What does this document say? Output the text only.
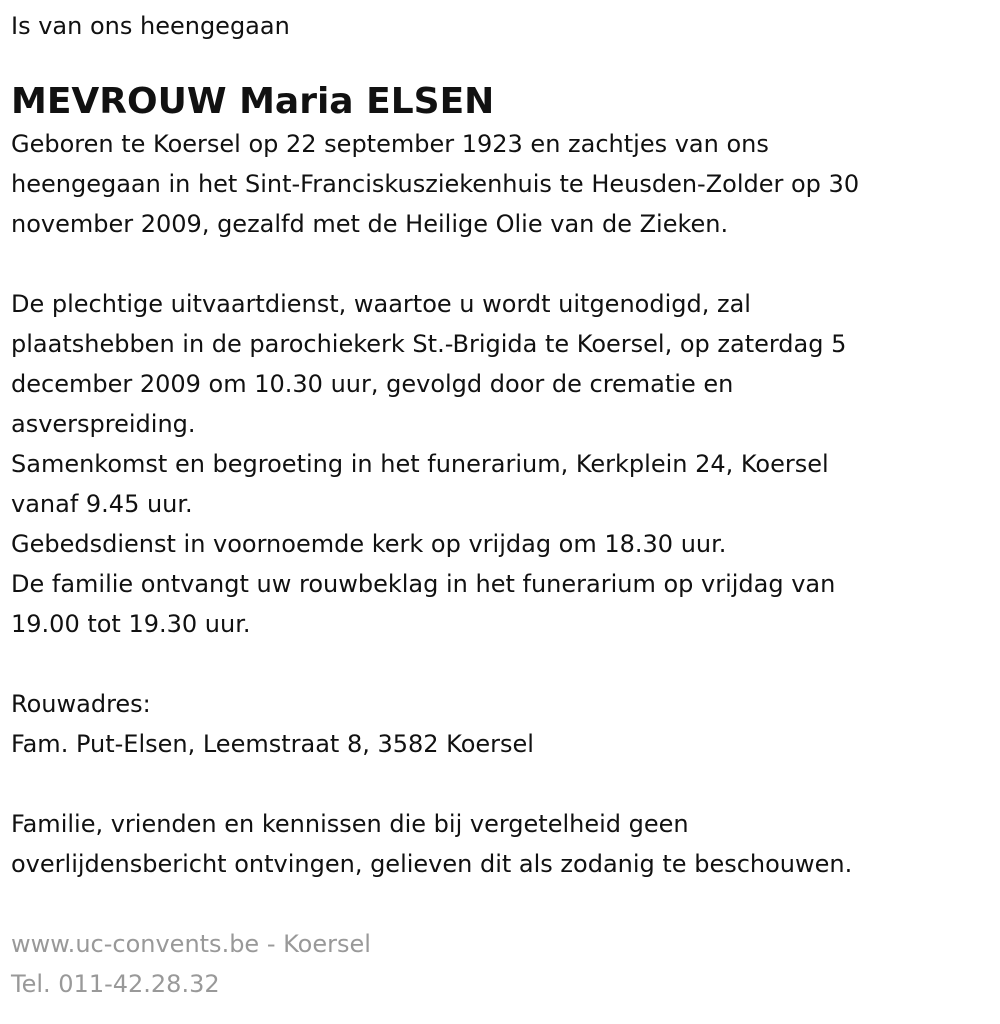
Is van ons heengegaan

MEVROUW Maria ELSEN

Geboren te Koersel op 22 september 1923 en zachtjes van ons

heengegaan in het Sint-Franciskusziekenhuis te Heusden-Zolder op 30

november 2009, gezalfd met de Heilige Olie van de Zieken.

De plechtige uitvaartdienst, waartoe u wordt uitgenodigd, zal

plaatshebben in de parochiekerk St.-Brigida te Koersel, op zaterdag 5

december 2009 om 10.30 uur, gevolgd door de crematie en

asverspreiding.

Samenkomst en begroeting in het funerarium, Kerkplein 24, Koersel

vanaf 9.45 uur.

Gebedsdienst in voornoemde kerk op vrijdag om 18.30 uur.

De familie ontvangt uw rouwbeklag in het funerarium op vrijdag van

19.00 tot 19.30 uur.

Rouwadres:

Fam. Put-Elsen, Leemstraat 8, 3582 Koersel

Familie, vrienden en kennissen die bij vergetelheid geen

overlijdensbericht ontvingen, gelieven dit als zodanig te beschouwen.

www.uc-convents.be - Koersel

Tel. 011-42.28.32
